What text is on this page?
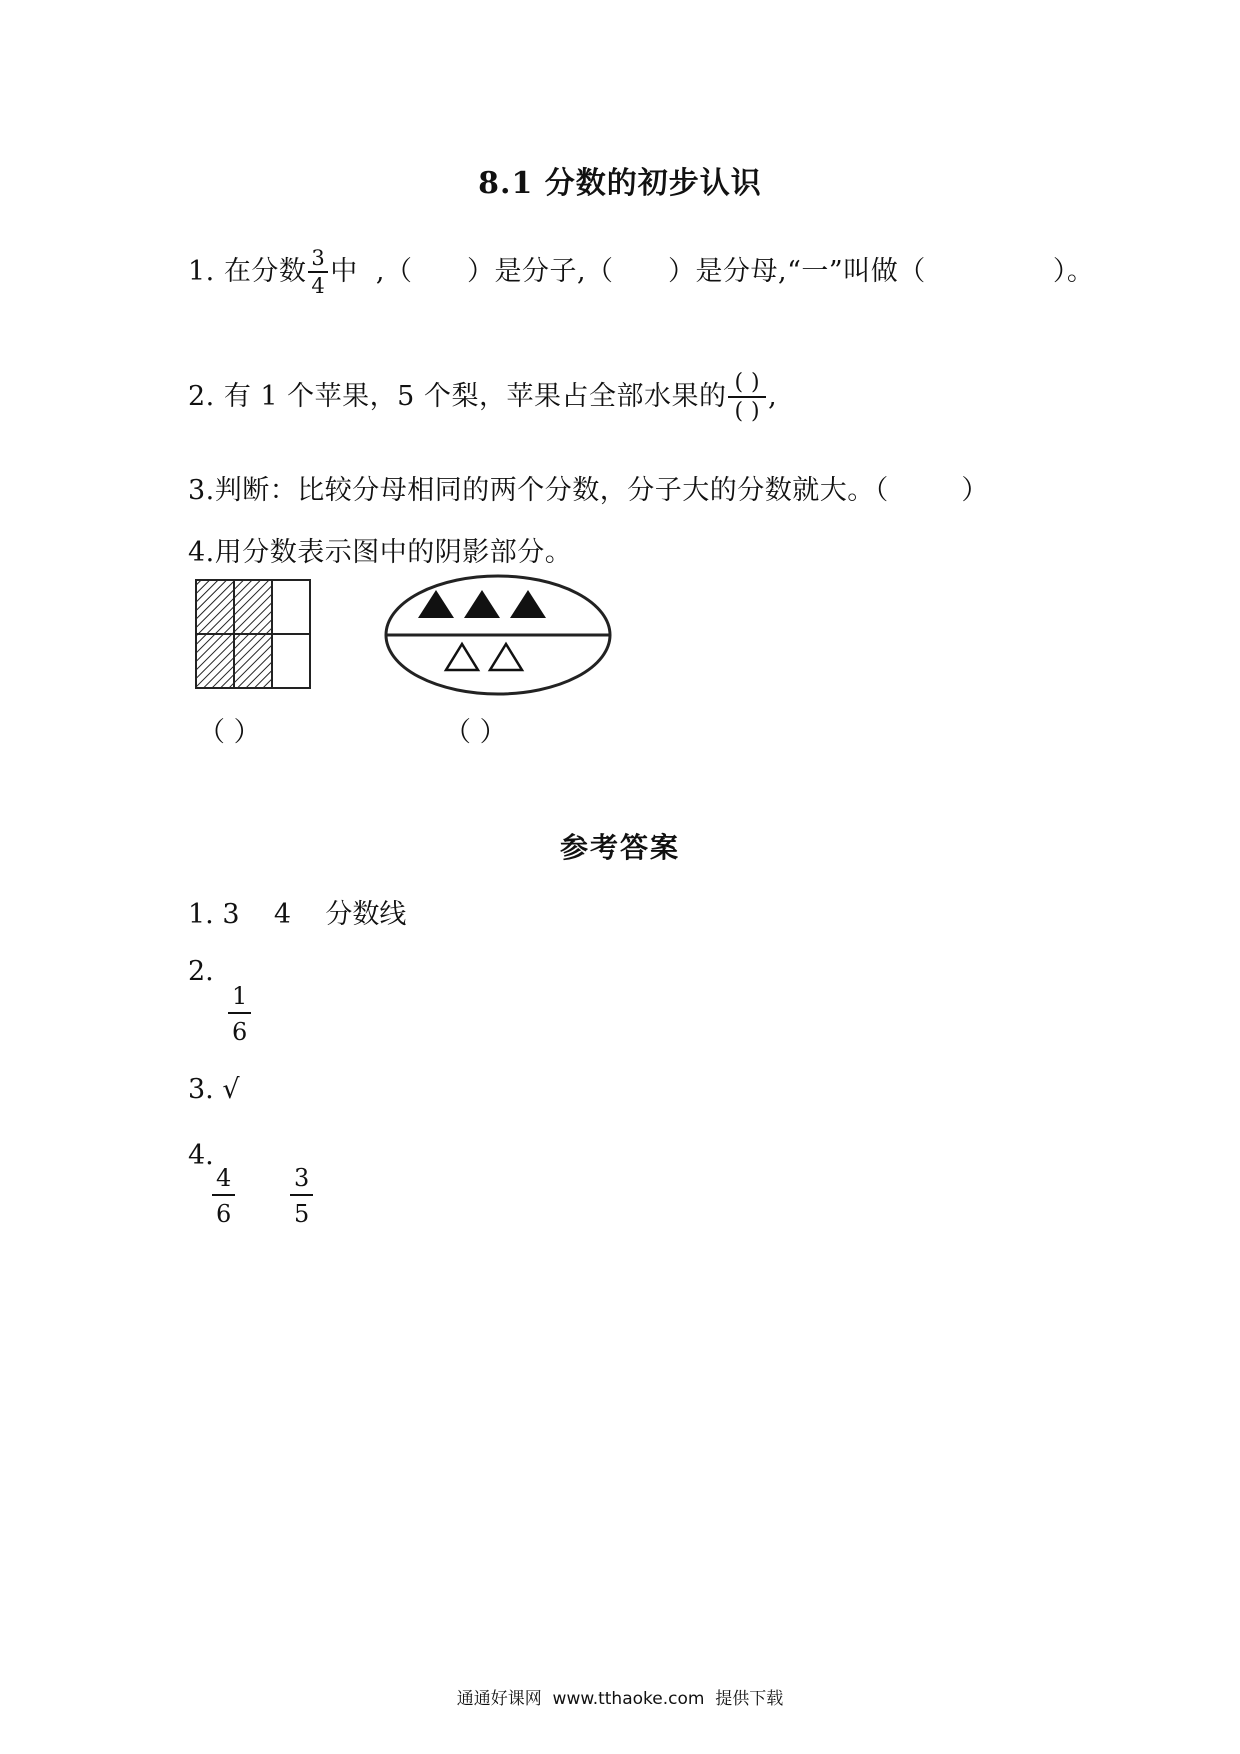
8.1 分数的初步认识
1. 在分数 $\frac{3}{4}$ 中  ,（      ）是分子,（      ）是分母,“一”叫做（              ）。
2. 有 1 个苹果，5 个梨，苹果占全部水果的 $\frac{( )}{( )}$ ,
3.判断：比较分母相同的两个分数，分子大的分数就大。（        ）
4.用分数表示图中的阴影部分。
（ ）	（ ）
参考答案
1. 3    4    分数线
2.
$\frac{1}{6}$
3. √
4.
$\frac{4}{6} \frac{3}{5}$
通通好课网  www.tthaoke.com  提供下载
